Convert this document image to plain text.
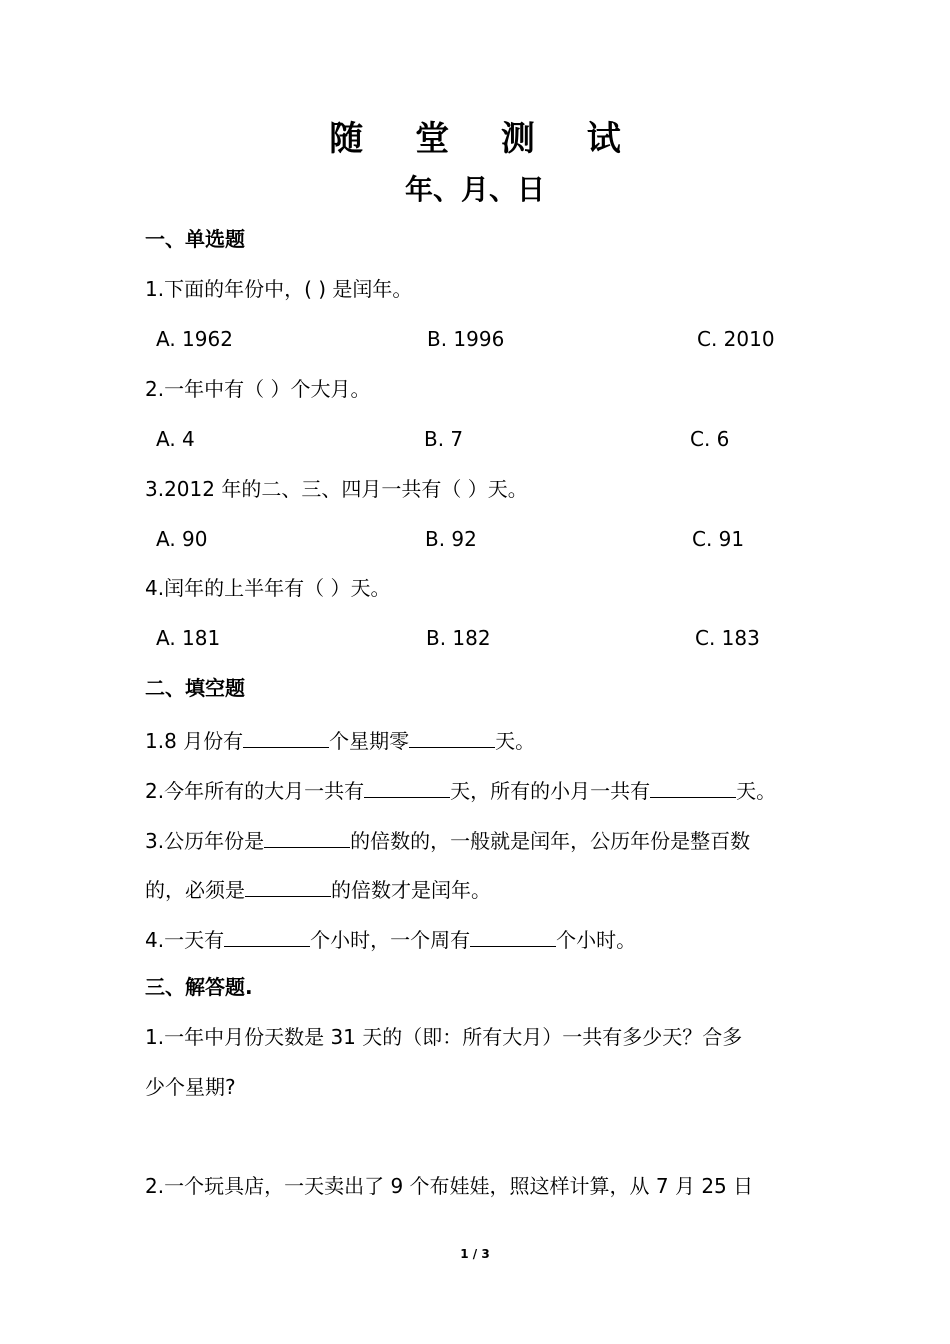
随 堂 测 试
年、月、日
一、单选题
1.下面的年份中，( ) 是闰年。
A. 1962	B. 1996	C. 2010
2.一年中有（ ）个大月。
A. 4	B. 7	C. 6
3.2012 年的二、三、四月一共有（ ）天。
A. 90	B. 92	C. 91
4.闰年的上半年有（ ）天。
A. 181	B. 182	C. 183
二、填空题
1.8 月份有	个星期零	天。
2.今年所有的大月一共有	天，所有的小月一共有	天。
3.公历年份是	的倍数的，一般就是闰年，公历年份是整百数
的，必须是	的倍数才是闰年。
4.一天有	个小时，一个周有	个小时。
三、解答题.
1.一年中月份天数是 31 天的（即：所有大月）一共有多少天？合多
少个星期?
2.一个玩具店，一天卖出了 9 个布娃娃，照这样计算，从 7 月 25 日
1 / 3
